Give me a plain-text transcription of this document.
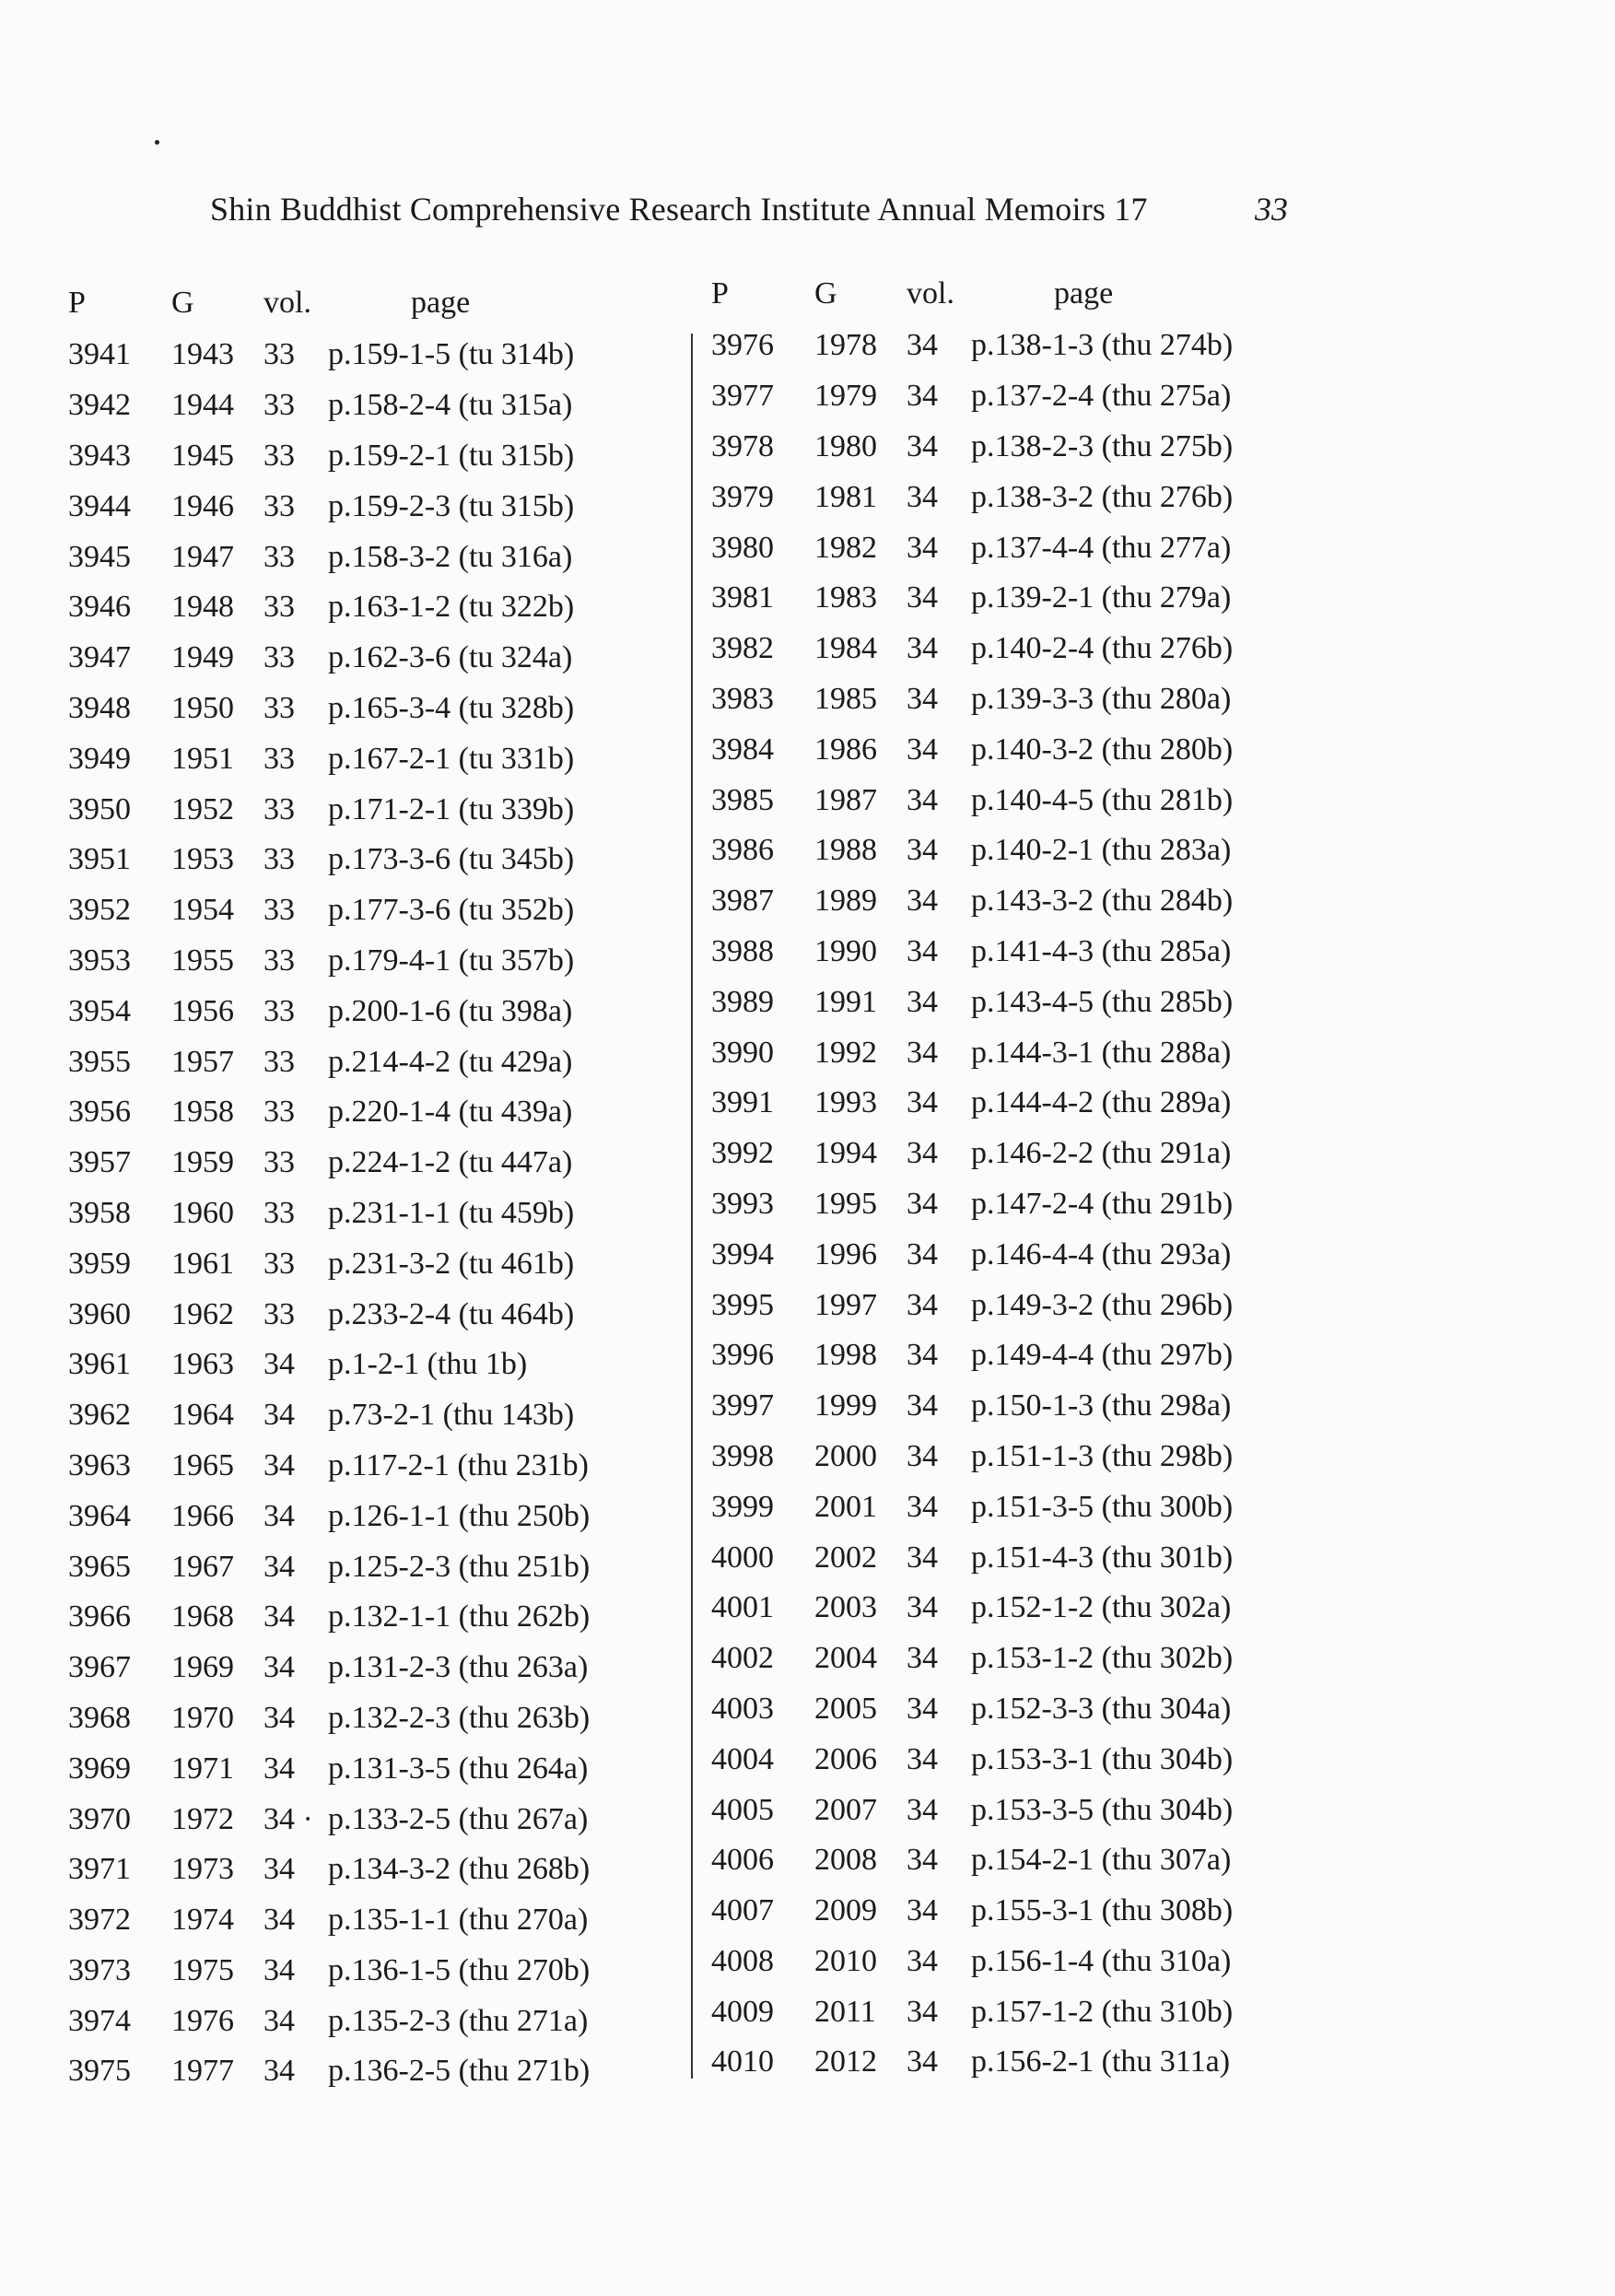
Shin Buddhist Comprehensive Research Institute Annual Memoirs 17	33
P	G	vol.	page
3941	1943 33	p.159-1-5 (tu 314b)
3942	1944 33	p.158-2-4 (tu 315a)
3943	1945 33	p.159-2-1 (tu 315b)
3944	1946 33	p.159-2-3 (tu 315b)
3945	1947 33	p.158-3-2 (tu 316a)
3946	1948 33	p.163-1-2 (tu 322b)
3947	1949 33	p.162-3-6 (tu 324a)
3948	1950 33	p.165-3-4 (tu 328b)
3949	1951 33	p.167-2-1 (tu 331b)
3950	1952 33	p.171-2-1 (tu 339b)
3951	1953 33	p.173-3-6 (tu 345b)
3952	1954 33	p.177-3-6 (tu 352b)
3953	1955 33	p.179-4-1 (tu 357b)
3954	1956 33	p.200-1-6 (tu 398a)
3955	1957 33	p.214-4-2 (tu 429a)
3956	1958 33	p.220-1-4 (tu 439a)
3957	1959 33	p.224-1-2 (tu 447a)
3958	1960 33	p.231-1-1 (tu 459b)
3959	1961 33	p.231-3-2 (tu 461b)
3960	1962 33	p.233-2-4 (tu 464b)
3961	1963 34	p.1-2-1 (thu 1b)
3962	1964 34	p.73-2-1 (thu 143b)
3963	1965 34	p.117-2-1 (thu 231b)
3964	1966 34	p.126-1-1 (thu 250b)
3965	1967 34	p.125-2-3 (thu 251b)
3966	1968 34	p.132-1-1 (thu 262b)
3967	1969 34	p.131-2-3 (thu 263a)
3968	1970 34	p.132-2-3 (thu 263b)
3969	1971 34	p.131-3-5 (thu 264a)
3970	1972 34 · p.133-2-5 (thu 267a)
3971	1973 34	p.134-3-2 (thu 268b)
3972	1974 34	p.135-1-1 (thu 270a)
3973	1975 34	p.136-1-5 (thu 270b)
3974	1976 34	p.135-2-3 (thu 271a)
3975	1977 34	p.136-2-5 (thu 271b)
P	G	vol.	page
3976	1978 34	p.138-1-3 (thu 274b)
3977	1979 34	p.137-2-4 (thu 275a)
3978	1980 34	p.138-2-3 (thu 275b)
3979	1981 34	p.138-3-2 (thu 276b)
3980	1982 34	p.137-4-4 (thu 277a)
3981	1983 34	p.139-2-1 (thu 279a)
3982	1984 34	p.140-2-4 (thu 276b)
3983	1985 34	p.139-3-3 (thu 280a)
3984	1986 34	p.140-3-2 (thu 280b)
3985	1987 34	p.140-4-5 (thu 281b)
3986	1988 34	p.140-2-1 (thu 283a)
3987	1989 34	p.143-3-2 (thu 284b)
3988	1990 34	p.141-4-3 (thu 285a)
3989	1991 34	p.143-4-5 (thu 285b)
3990	1992 34	p.144-3-1 (thu 288a)
3991	1993 34	p.144-4-2 (thu 289a)
3992	1994 34	p.146-2-2 (thu 291a)
3993	1995 34	p.147-2-4 (thu 291b)
3994	1996 34	p.146-4-4 (thu 293a)
3995	1997 34	p.149-3-2 (thu 296b)
3996	1998 34	p.149-4-4 (thu 297b)
3997	1999 34	p.150-1-3 (thu 298a)
3998	2000 34	p.151-1-3 (thu 298b)
3999	2001 34	p.151-3-5 (thu 300b)
4000	2002 34	p.151-4-3 (thu 301b)
4001	2003 34	p.152-1-2 (thu 302a)
4002	2004 34	p.153-1-2 (thu 302b)
4003	2005 34	p.152-3-3 (thu 304a)
4004	2006 34	p.153-3-1 (thu 304b)
4005	2007 34	p.153-3-5 (thu 304b)
4006	2008 34	p.154-2-1 (thu 307a)
4007	2009 34	p.155-3-1 (thu 308b)
4008	2010 34	p.156-1-4 (thu 310a)
4009	2011 34	p.157-1-2 (thu 310b)
4010	2012 34	p.156-2-1 (thu 311a)
